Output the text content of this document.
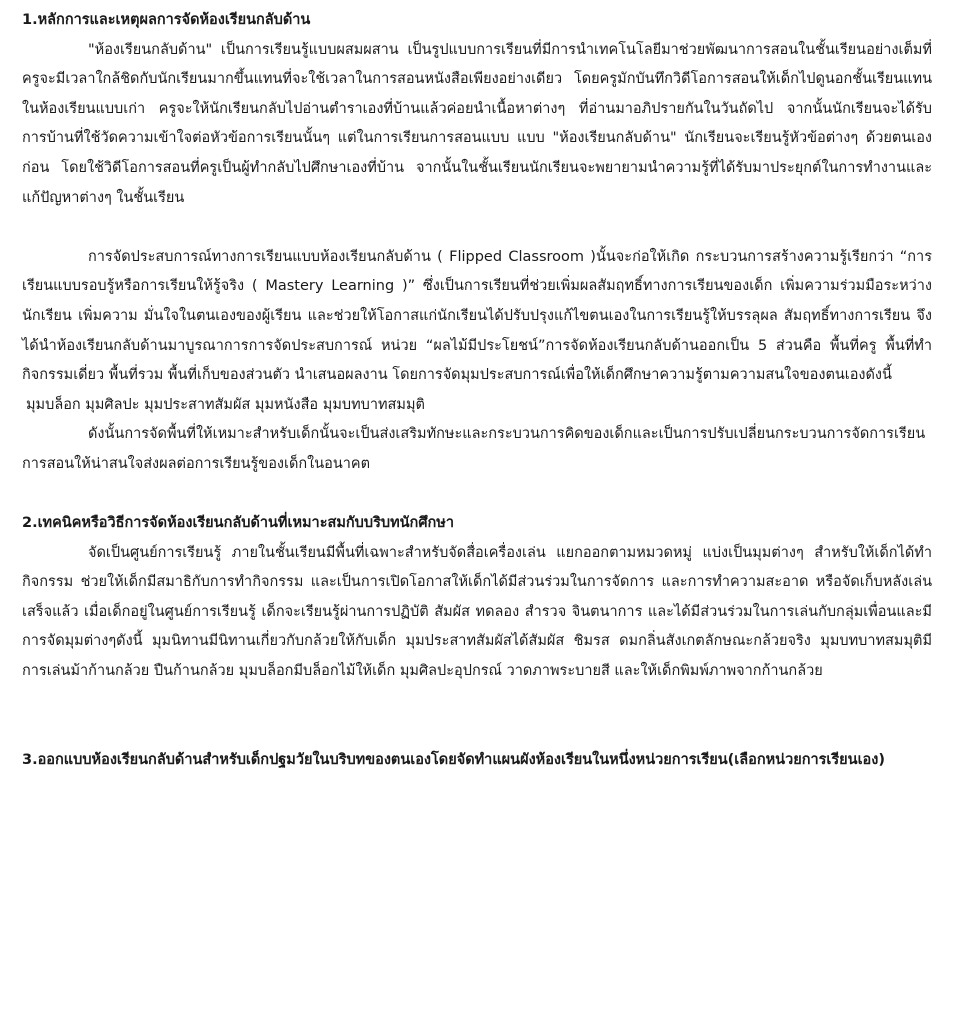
1.หลักการและเหตุผลการจัดห้องเรียนกลับด้าน

"ห้องเรียนกลับด้าน" เป็นการเรียนรู้แบบผสมผสาน เป็นรูปแบบการเรียนที่มีการนำเทคโนโลยีมาช่วยพัฒนาการสอนในชั้นเรียนอย่างเต็มที่ ครูจะมีเวลาใกล้ชิดกับนักเรียนมากขึ้นแทนที่จะใช้เวลาในการสอนหนังสือเพียงอย่างเดียว โดยครูมักบันทึกวิดีโอการสอนให้เด็กไปดูนอกชั้นเรียนแทนในห้องเรียนแบบเก่า ครูจะให้นักเรียนกลับไปอ่านตำราเองที่บ้านแล้วค่อยนำเนื้อหาต่างๆ ที่อ่านมาอภิปรายกันในวันถัดไป จากนั้นนักเรียนจะได้รับการบ้านที่ใช้วัดความเข้าใจต่อหัวข้อการเรียนนั้นๆ แต่ในการเรียนการสอนแบบ แบบ "ห้องเรียนกลับด้าน" นักเรียนจะเรียนรู้หัวข้อต่างๆ ด้วยตนเองก่อน โดยใช้วิดีโอการสอนที่ครูเป็นผู้ทำกลับไปศึกษาเองที่บ้าน จากนั้นในชั้นเรียนนักเรียนจะพยายามนำความรู้ที่ได้รับมาประยุกต์ในการทำงานและแก้ปัญหาต่างๆ ในชั้นเรียน

การจัดประสบการณ์ทางการเรียนแบบห้องเรียนกลับด้าน ( Flipped Classroom )นั้นจะก่อให้เกิด กระบวนการสร้างความรู้เรียกว่า “การเรียนแบบรอบรู้หรือการเรียนให้รู้จริง ( Mastery Learning )” ซึ่งเป็นการเรียนที่ช่วยเพิ่มผลสัมฤทธิ์ทางการเรียนของเด็ก เพิ่มความร่วมมือระหว่างนักเรียน เพิ่มความ มั่นใจในตนเองของผู้เรียน และช่วยให้โอกาสแก่นักเรียนได้ปรับปรุงแก้ไขตนเองในการเรียนรู้ให้บรรลุผล สัมฤทธิ์ทางการเรียน จึงได้นำห้องเรียนกลับด้านมาบูรณาการการจัดประสบการณ์ หน่วย “ผลไม้มีประโยชน์”การจัดห้องเรียนกลับด้านออกเป็น 5 ส่วนคือ พื้นที่ครู พื้นที่ทำกิจกรรมเดี่ยว พื้นที่รวม พื้นที่เก็บของส่วนตัว นำเสนอผลงาน โดยการจัดมุมประสบการณ์เพื่อให้เด็กศึกษาความรู้ตามความสนใจของตนเองดังนี้

มุมบล็อก มุมศิลปะ มุมประสาทสัมผัส มุมหนังสือ มุมบทบาทสมมุติ

ดังนั้นการจัดพื้นที่ให้เหมาะสำหรับเด็กนั้นจะเป็นส่งเสริมทักษะและกระบวนการคิดของเด็กและเป็นการปรับเปลี่ยนกระบวนการจัดการเรียนการสอนให้น่าสนใจส่งผลต่อการเรียนรู้ของเด็กในอนาคต

2.เทคนิคหรือวิธีการจัดห้องเรียนกลับด้านที่เหมาะสมกับบริบทนักศึกษา

จัดเป็นศูนย์การเรียนรู้ ภายในชั้นเรียนมีพื้นที่เฉพาะสำหรับจัดสื่อเครื่องเล่น แยกออกตามหมวดหมู่ แบ่งเป็นมุมต่างๆ สำหรับให้เด็กได้ทำกิจกรรม ช่วยให้เด็กมีสมาธิกับการทำกิจกรรม และเป็นการเปิดโอกาสให้เด็กได้มีส่วนร่วมในการจัดการ และการทำความสะอาด หรือจัดเก็บหลังเล่นเสร็จแล้ว เมื่อเด็กอยู่ในศูนย์การเรียนรู้ เด็กจะเรียนรู้ผ่านการปฏิบัติ สัมผัส ทดลอง สำรวจ จินตนาการ และได้มีส่วนร่วมในการเล่นกับกลุ่มเพื่อนและมีการจัดมุมต่างๆดังนี้ มุมนิทานมีนิทานเกี่ยวกับกล้วยให้กับเด็ก มุมประสาทสัมผัสได้สัมผัส ชิมรส ดมกลิ่นสังเกตลักษณะกล้วยจริง มุมบทบาทสมมุติมีการเล่นม้าก้านกล้วย ปืนก้านกล้วย มุมบล็อกมีบล็อกไม้ให้เด็ก มุมศิลปะอุปกรณ์ วาดภาพระบายสี และให้เด็กพิมพ์ภาพจากก้านกล้วย

3.ออกแบบห้องเรียนกลับด้านสำหรับเด็กปฐมวัยในบริบทของตนเองโดยจัดทำแผนผังห้องเรียนในหนึ่งหน่วยการเรียน(เลือกหน่วยการเรียนเอง)
